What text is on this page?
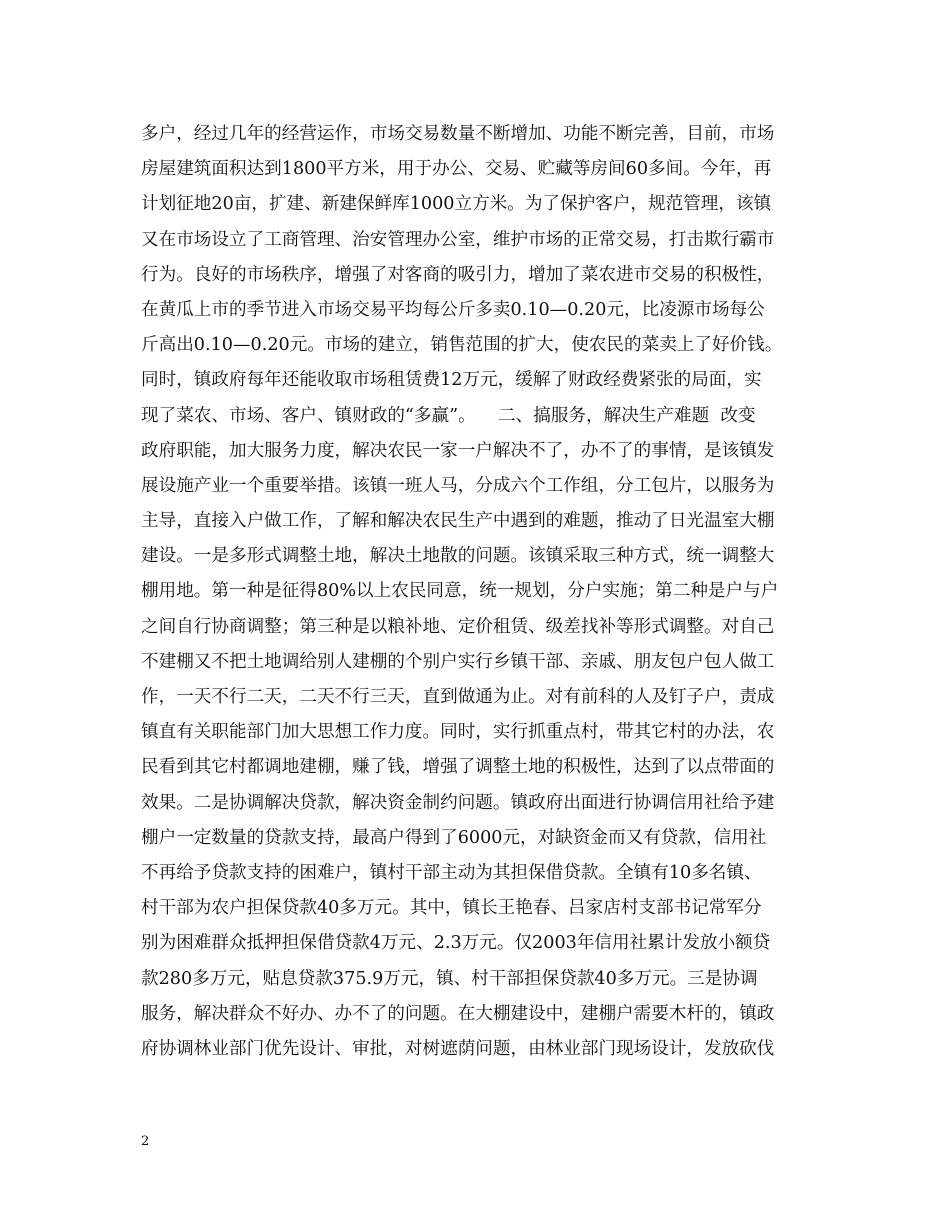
多户，经过几年的经营运作，市场交易数量不断增加、功能不断完善，目前，市场
房屋建筑面积达到1800平方米，用于办公、交易、贮藏等房间60多间。今年，再
计划征地20亩，扩建、新建保鲜库1000立方米。为了保护客户，规范管理，该镇
又在市场设立了工商管理、治安管理办公室，维护市场的正常交易，打击欺行霸市
行为。良好的市场秩序，增强了对客商的吸引力，增加了菜农进市交易的积极性，
在黄瓜上市的季节进入市场交易平均每公斤多卖0.10—0.20元，比凌源市场每公
斤高出0.10—0.20元。市场的建立，销售范围的扩大，使农民的菜卖上了好价钱。
同时，镇政府每年还能收取市场租赁费12万元，缓解了财政经费紧张的局面，实
现了菜农、市场、客户、镇财政的“多赢”。    二、搞服务，解决生产难题  改变
政府职能，加大服务力度，解决农民一家一户解决不了，办不了的事情，是该镇发
展设施产业一个重要举措。该镇一班人马，分成六个工作组，分工包片，以服务为
主导，直接入户做工作，了解和解决农民生产中遇到的难题，推动了日光温室大棚
建设。一是多形式调整土地，解决土地散的问题。该镇采取三种方式，统一调整大
棚用地。第一种是征得80%以上农民同意，统一规划，分户实施；第二种是户与户
之间自行协商调整；第三种是以粮补地、定价租赁、级差找补等形式调整。对自己
不建棚又不把土地调给别人建棚的个别户实行乡镇干部、亲戚、朋友包户包人做工
作，一天不行二天，二天不行三天，直到做通为止。对有前科的人及钉子户，责成
镇直有关职能部门加大思想工作力度。同时，实行抓重点村，带其它村的办法，农
民看到其它村都调地建棚，赚了钱，增强了调整土地的积极性，达到了以点带面的
效果。二是协调解决贷款，解决资金制约问题。镇政府出面进行协调信用社给予建
棚户一定数量的贷款支持，最高户得到了6000元，对缺资金而又有贷款，信用社
不再给予贷款支持的困难户，镇村干部主动为其担保借贷款。全镇有10多名镇、
村干部为农户担保贷款40多万元。其中，镇长王艳春、吕家店村支部书记常军分
别为困难群众抵押担保借贷款4万元、2.3万元。仅2003年信用社累计发放小额贷
款280多万元，贴息贷款375.9万元，镇、村干部担保贷款40多万元。三是协调
服务，解决群众不好办、办不了的问题。在大棚建设中，建棚户需要木杆的，镇政
府协调林业部门优先设计、审批，对树遮荫问题，由林业部门现场设计，发放砍伐
2
